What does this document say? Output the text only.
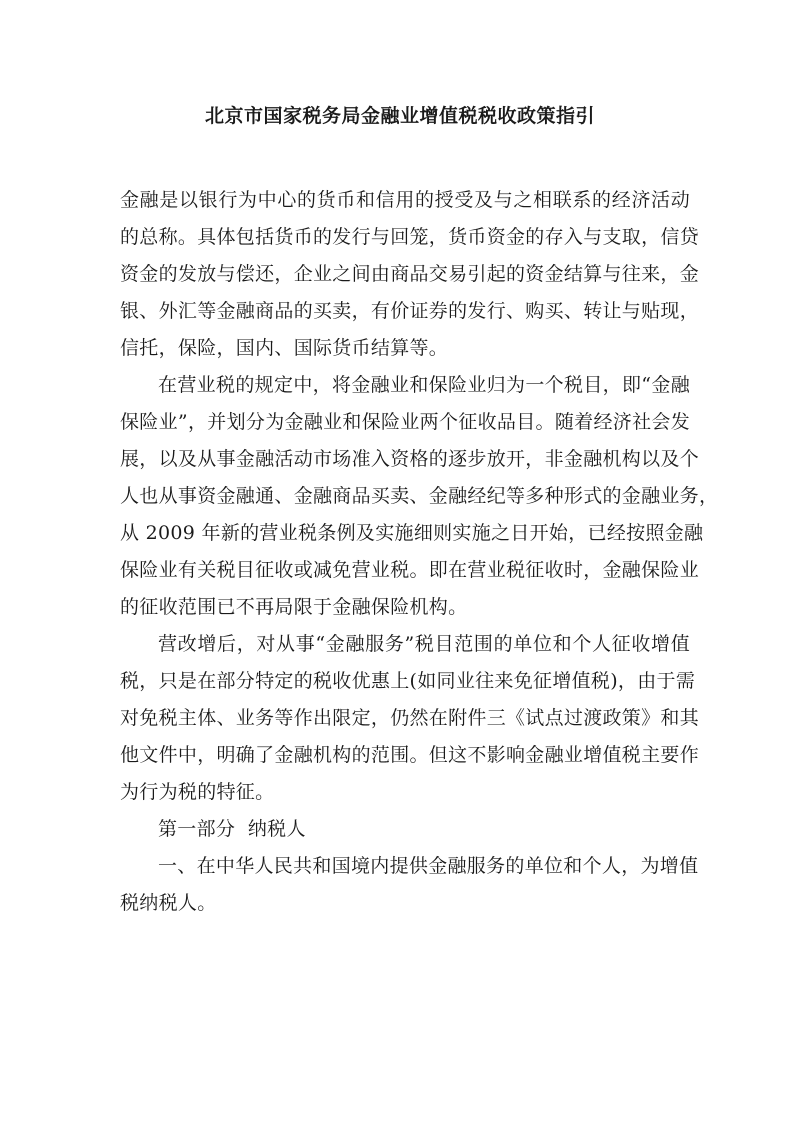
北京市国家税务局金融业增值税税收政策指引

金融是以银行为中心的货币和信用的授受及与之相联系的经济活动
的总称。具体包括货币的发行与回笼，货币资金的存入与支取，信贷
资金的发放与偿还，企业之间由商品交易引起的资金结算与往来，金
银、外汇等金融商品的买卖，有价证券的发行、购买、转让与贴现，
信托，保险，国内、国际货币结算等。

在营业税的规定中，将金融业和保险业归为一个税目，即“金融
保险业”，并划分为金融业和保险业两个征收品目。随着经济社会发
展，以及从事金融活动市场准入资格的逐步放开，非金融机构以及个
人也从事资金融通、金融商品买卖、金融经纪等多种形式的金融业务，
从 2009 年新的营业税条例及实施细则实施之日开始，已经按照金融
保险业有关税目征收或减免营业税。即在营业税征收时，金融保险业
的征收范围已不再局限于金融保险机构。

营改增后，对从事“金融服务”税目范围的单位和个人征收增值
税，只是在部分特定的税收优惠上(如同业往来免征增值税)，由于需
对免税主体、业务等作出限定，仍然在附件三《试点过渡政策》和其
他文件中，明确了金融机构的范围。但这不影响金融业增值税主要作
为行为税的特征。

第一部分  纳税人

一、在中华人民共和国境内提供金融服务的单位和个人，为增值
税纳税人。
